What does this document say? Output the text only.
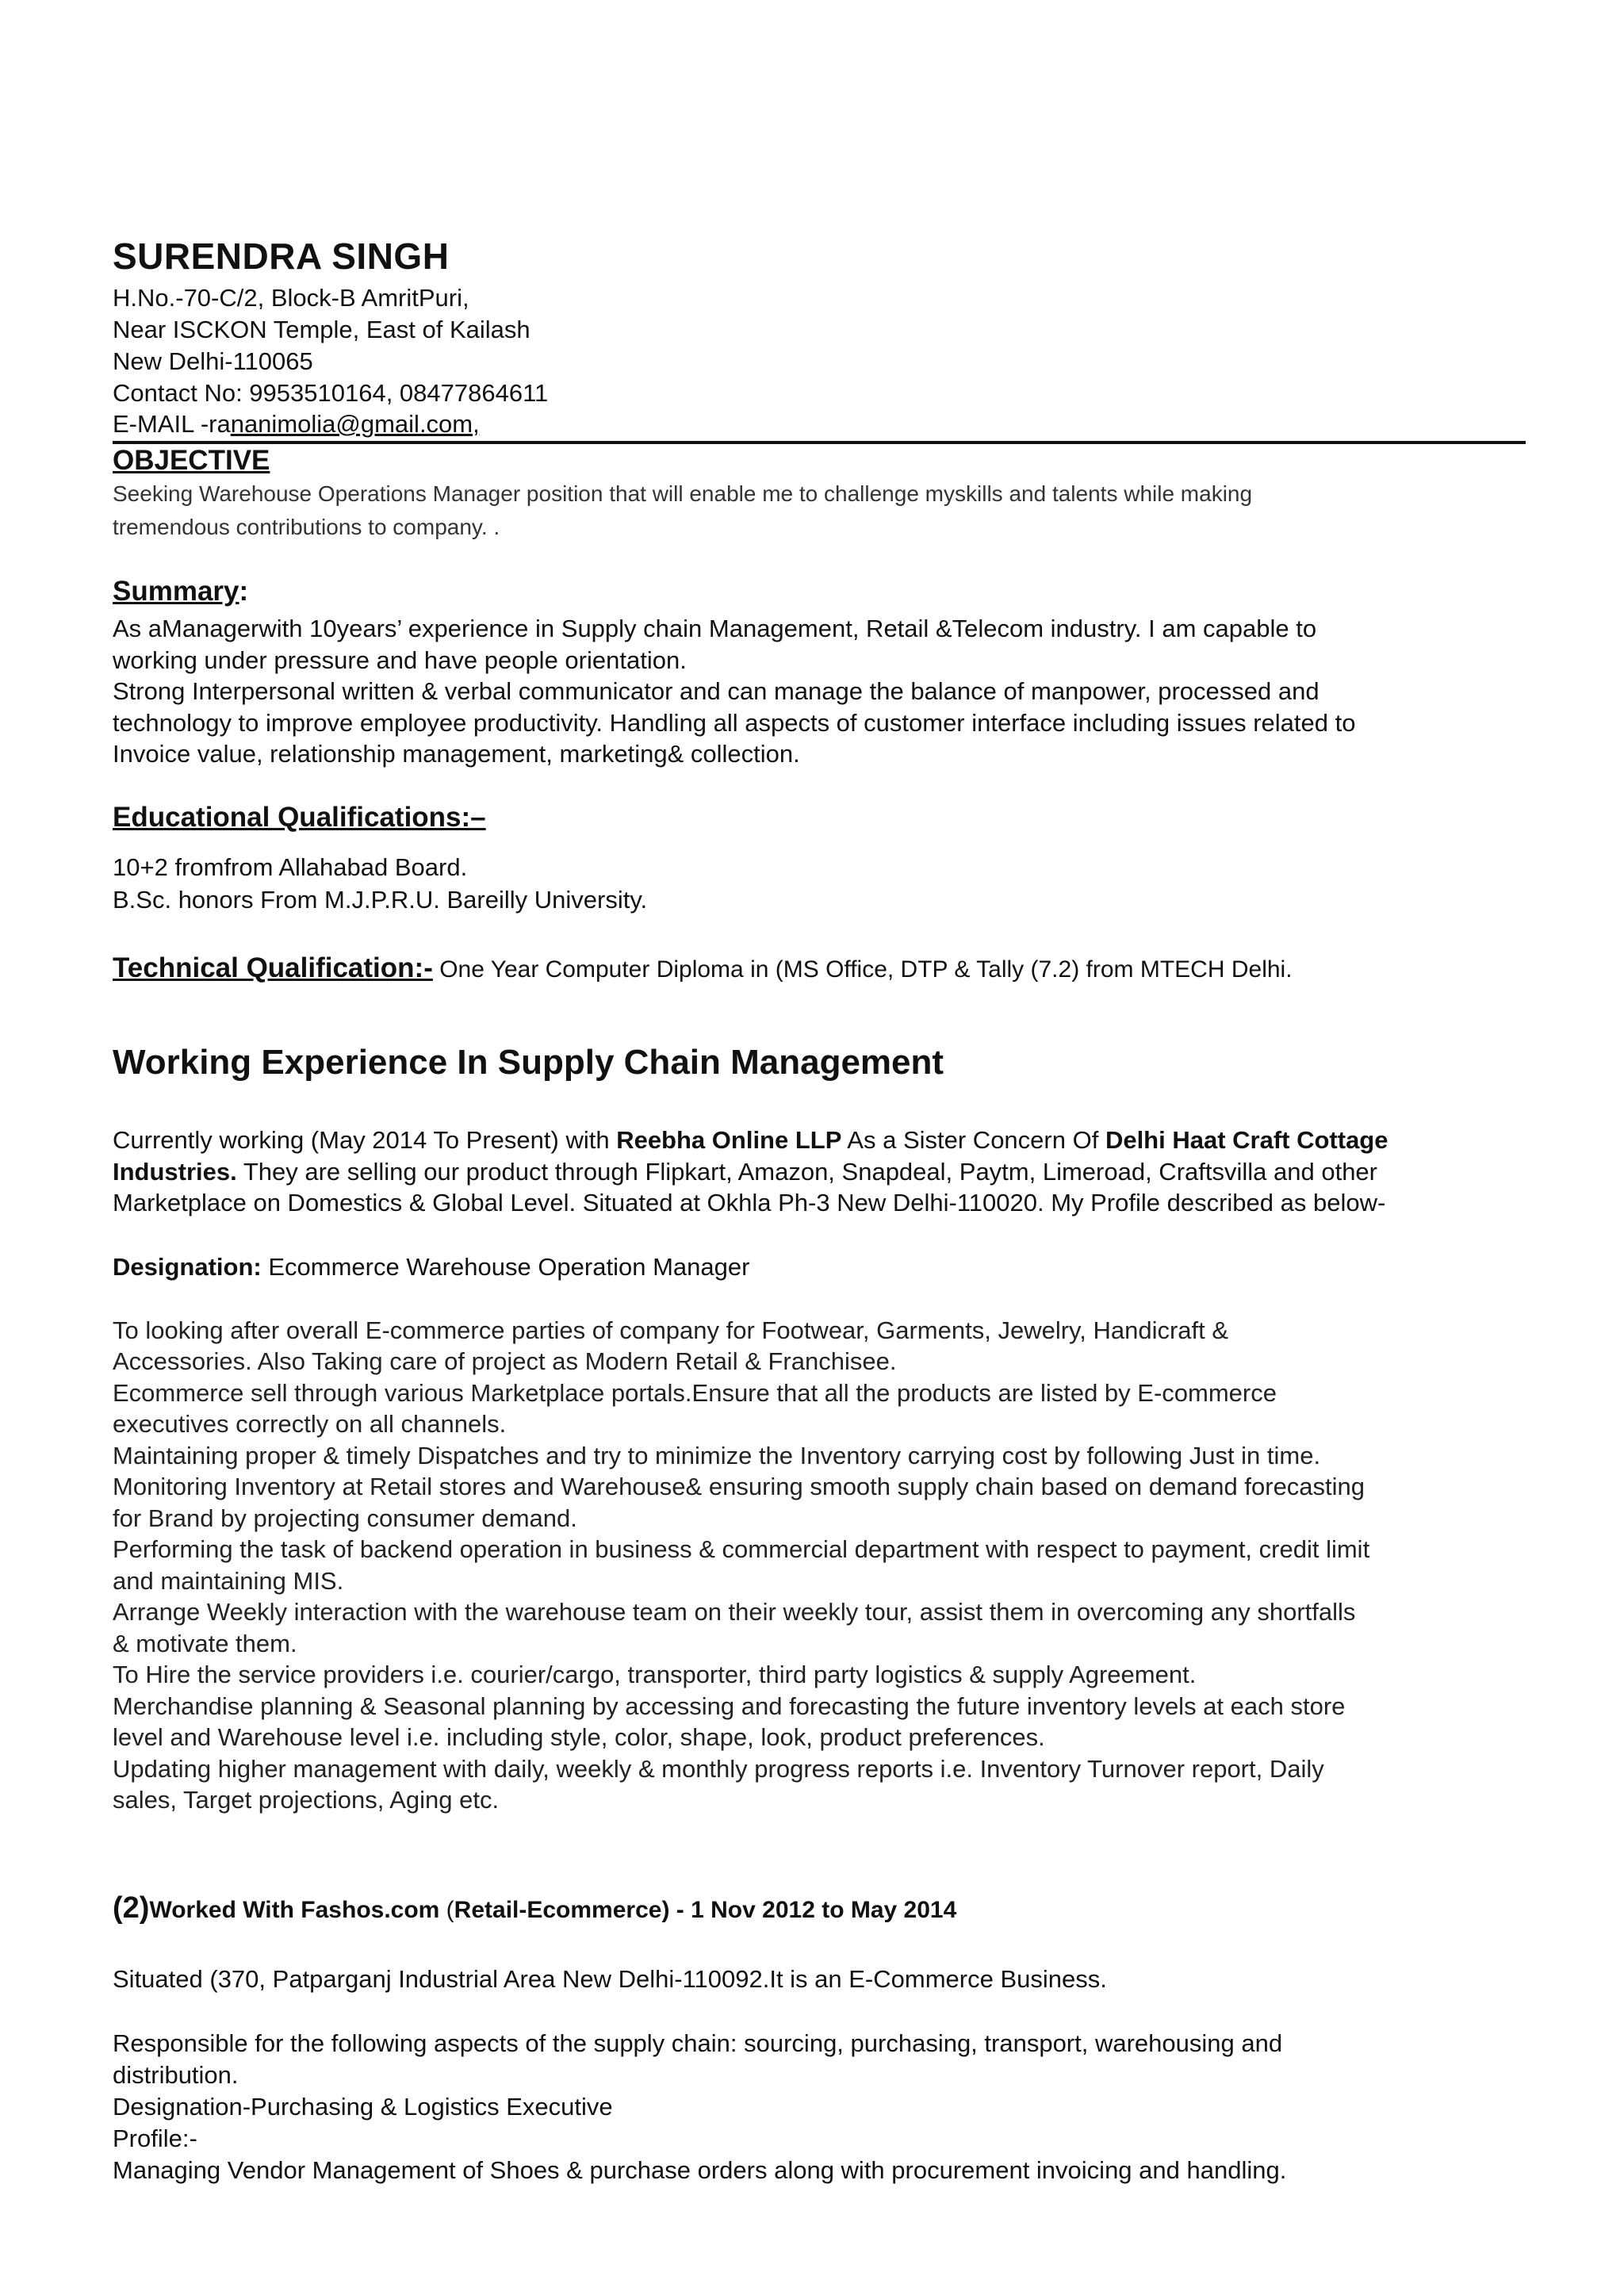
SURENDRA SINGH
H.No.-70-C/2, Block-B AmritPuri,
Near ISCKON Temple, East of Kailash
New Delhi-110065
Contact No: 9953510164, 08477864611
E-MAIL -rananimolia@gmail.com,
OBJECTIVE
Seeking Warehouse Operations Manager position that will enable me to challenge myskills and talents while making
tremendous contributions to company. .
Summary:
As aManagerwith 10years’ experience in Supply chain Management, Retail &Telecom industry. I am capable to
working under pressure and have people orientation.
Strong Interpersonal written & verbal communicator and can manage the balance of manpower, processed and
technology to improve employee productivity. Handling all aspects of customer interface including issues related to
Invoice value, relationship management, marketing& collection.
Educational Qualifications:–
10+2 fromfrom Allahabad Board.
B.Sc. honors From M.J.P.R.U. Bareilly University.
Technical Qualification:- One Year Computer Diploma in (MS Office, DTP & Tally (7.2) from MTECH Delhi.
Working Experience In Supply Chain Management
Currently working (May 2014 To Present) with Reebha Online LLP As a Sister Concern Of Delhi Haat Craft Cottage
Industries. They are selling our product through Flipkart, Amazon, Snapdeal, Paytm, Limeroad, Craftsvilla and other
Marketplace on Domestics & Global Level. Situated at Okhla Ph-3 New Delhi-110020. My Profile described as below-
Designation: Ecommerce Warehouse Operation Manager
To looking after overall E-commerce parties of company for Footwear, Garments, Jewelry, Handicraft &
Accessories. Also Taking care of project as Modern Retail & Franchisee.
Ecommerce sell through various Marketplace portals.Ensure that all the products are listed by E-commerce
executives correctly on all channels.
Maintaining proper & timely Dispatches and try to minimize the Inventory carrying cost by following Just in time.
Monitoring Inventory at Retail stores and Warehouse& ensuring smooth supply chain based on demand forecasting
for Brand by projecting consumer demand.
Performing the task of backend operation in business & commercial department with respect to payment, credit limit
and maintaining MIS.
Arrange Weekly interaction with the warehouse team on their weekly tour, assist them in overcoming any shortfalls
& motivate them.
To Hire the service providers i.e. courier/cargo, transporter, third party logistics & supply Agreement.
Merchandise planning & Seasonal planning by accessing and forecasting the future inventory levels at each store
level and Warehouse level i.e. including style, color, shape, look, product preferences.
Updating higher management with daily, weekly & monthly progress reports i.e. Inventory Turnover report, Daily
sales, Target projections, Aging etc.
(2)Worked With Fashos.com (Retail-Ecommerce) - 1 Nov 2012 to May 2014
Situated (370, Patparganj Industrial Area New Delhi-110092.It is an E-Commerce Business.
Responsible for the following aspects of the supply chain: sourcing, purchasing, transport, warehousing and
distribution.
Designation-Purchasing & Logistics Executive
Profile:-
Managing Vendor Management of Shoes & purchase orders along with procurement invoicing and handling.
